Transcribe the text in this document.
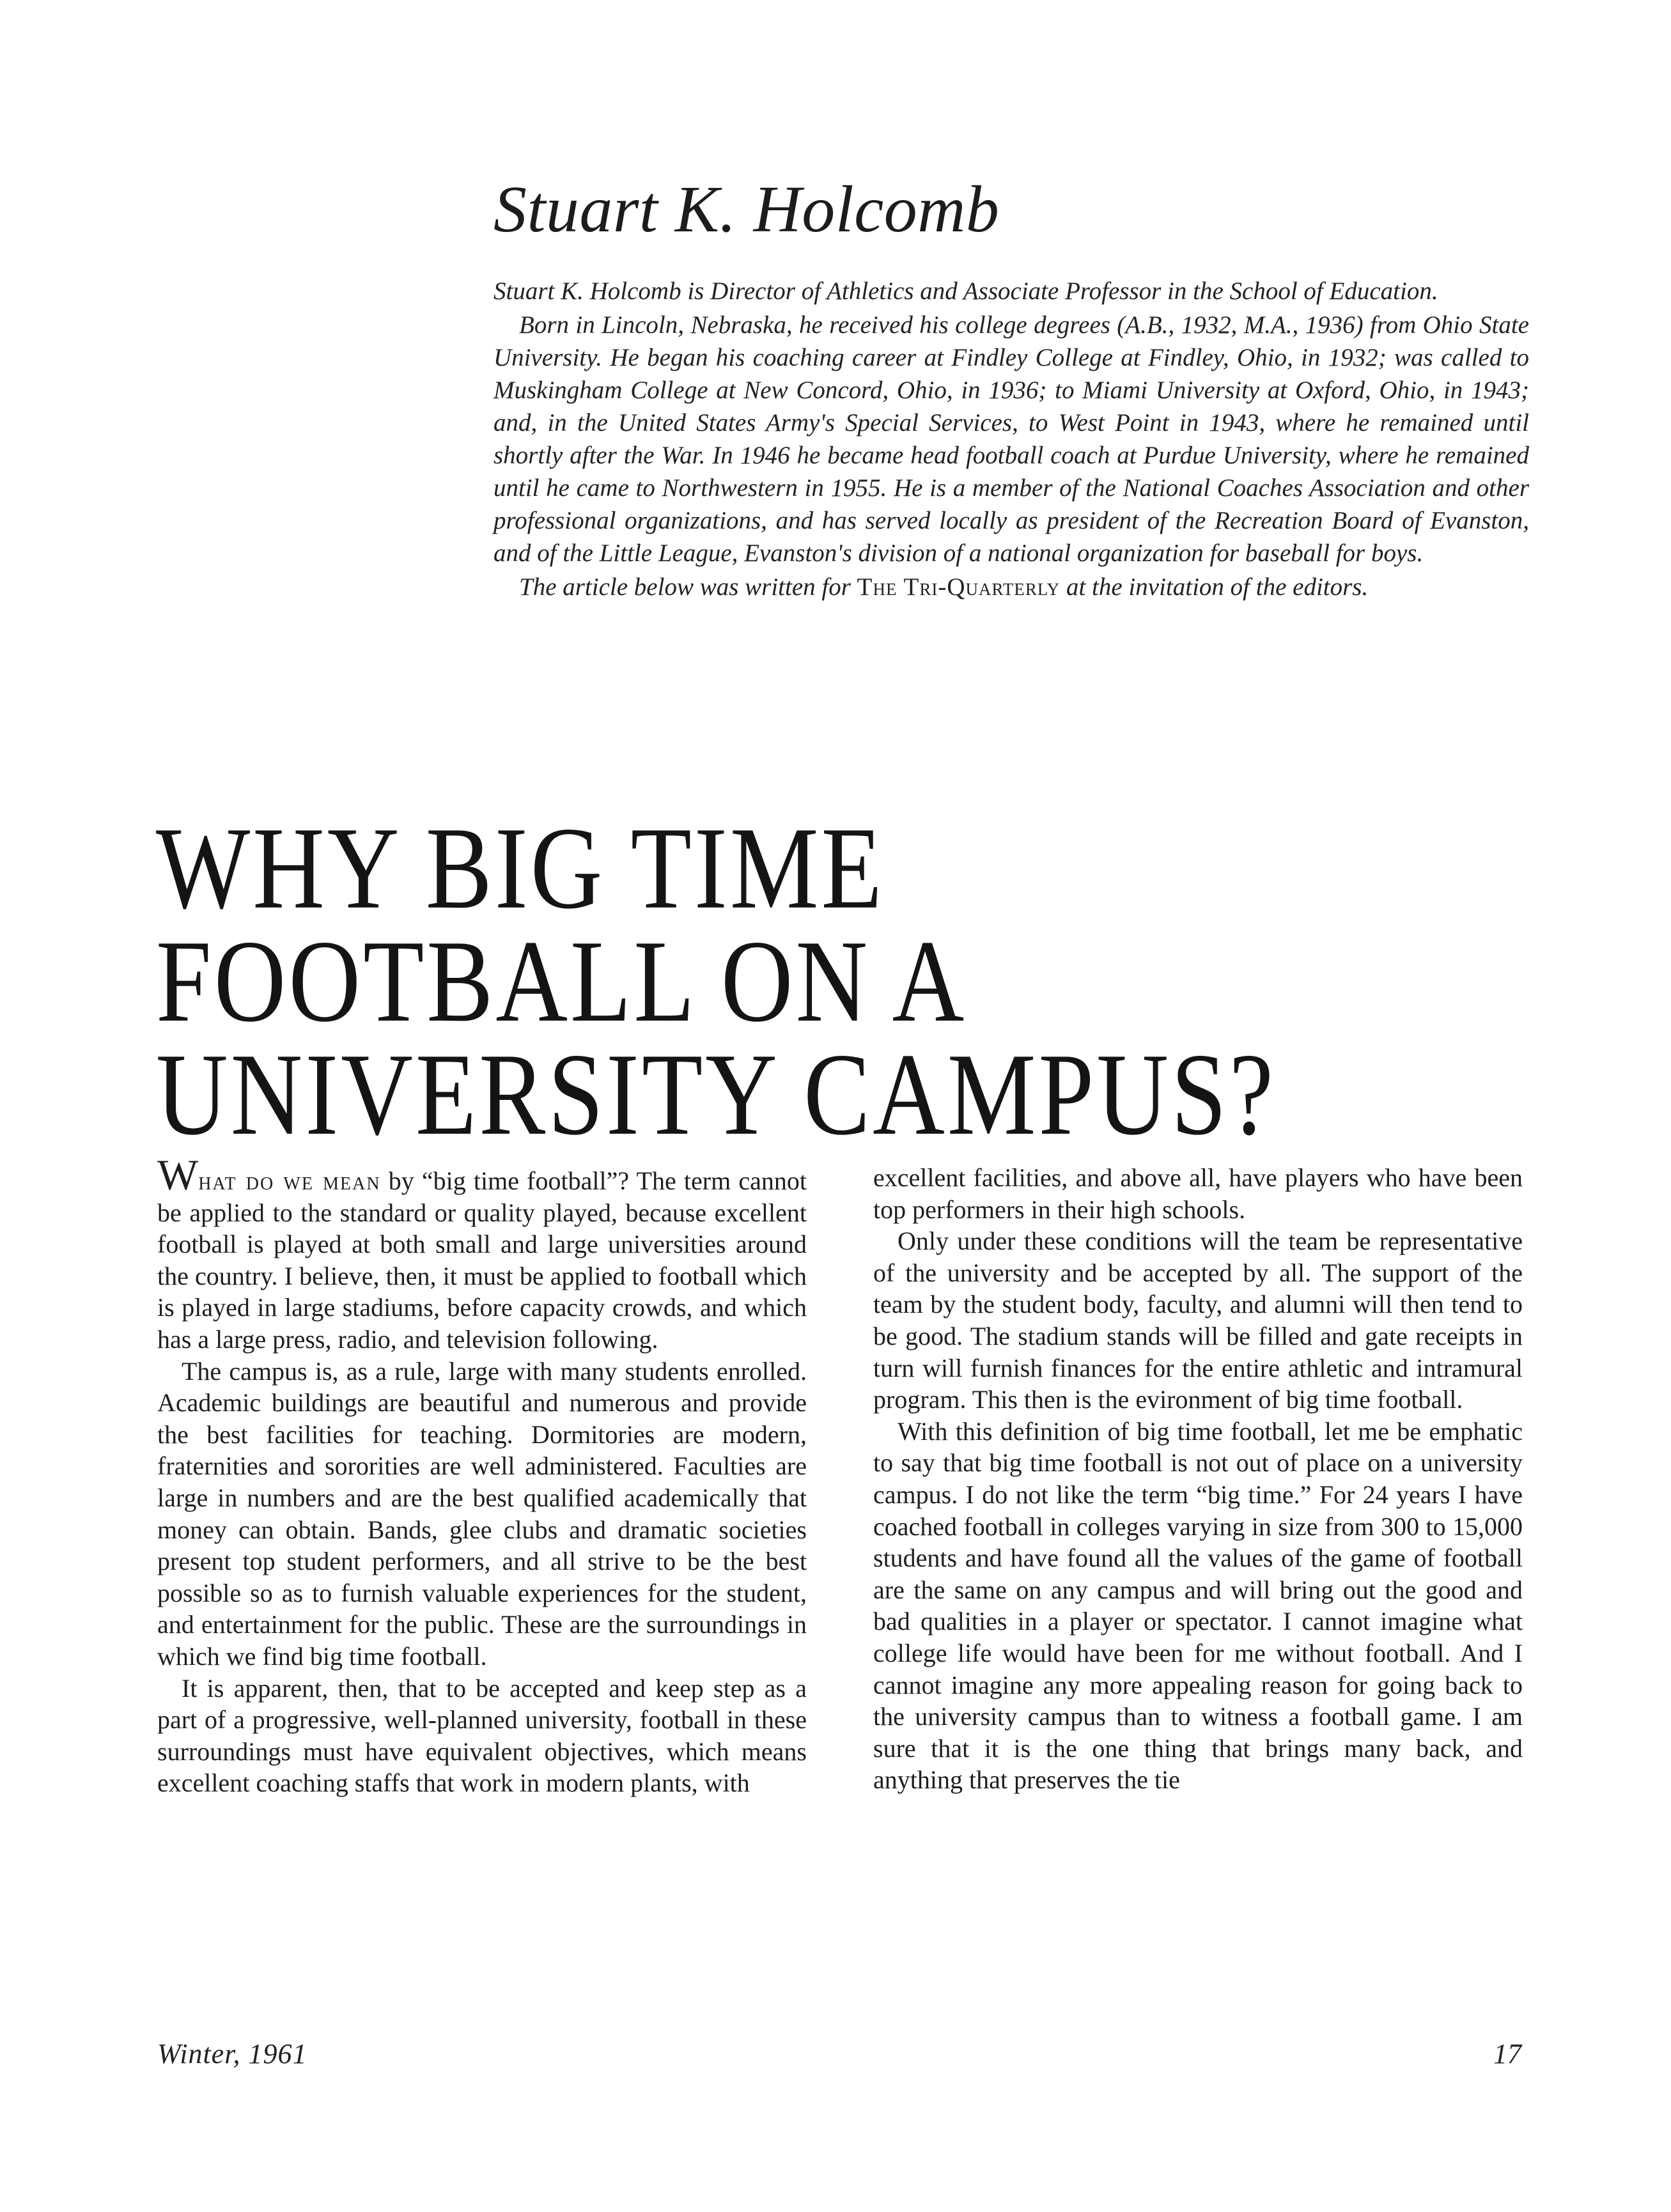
Stuart K. Holcomb

Stuart K. Holcomb is Director of Athletics and Associate Professor in the School of Education.

Born in Lincoln, Nebraska, he received his college degrees (A.B., 1932, M.A., 1936) from Ohio State University. He began his coaching career at Findley College at Findley, Ohio, in 1932; was called to Muskingham College at New Concord, Ohio, in 1936; to Miami University at Oxford, Ohio, in 1943; and, in the United States Army's Special Services, to West Point in 1943, where he remained until shortly after the War. In 1946 he became head football coach at Purdue University, where he remained until he came to Northwestern in 1955. He is a member of the National Coaches Association and other professional organizations, and has served locally as president of the Recreation Board of Evanston, and of the Little League, Evanston's division of a national organization for baseball for boys.

The article below was written for The Tri-Quarterly at the invitation of the editors.

WHY BIG TIME
FOOTBALL ON A
UNIVERSITY CAMPUS?

What do we mean by “big time football”? The term cannot be applied to the standard or quality played, because excellent football is played at both small and large universities around the country. I believe, then, it must be applied to football which is played in large stadiums, before capacity crowds, and which has a large press, radio, and television following.

The campus is, as a rule, large with many students enrolled. Academic buildings are beautiful and numerous and provide the best facilities for teaching. Dormitories are modern, fraternities and sororities are well administered. Faculties are large in numbers and are the best qualified academically that money can obtain. Bands, glee clubs and dramatic societies present top student performers, and all strive to be the best possible so as to furnish valuable experiences for the student, and entertainment for the public. These are the surroundings in which we find big time football.

It is apparent, then, that to be accepted and keep step as a part of a progressive, well-planned university, football in these surroundings must have equivalent objectives, which means excellent coaching staffs that work in modern plants, with

excellent facilities, and above all, have players who have been top performers in their high schools.

Only under these conditions will the team be representative of the university and be accepted by all. The support of the team by the student body, faculty, and alumni will then tend to be good. The stadium stands will be filled and gate receipts in turn will furnish finances for the entire athletic and intramural program. This then is the evironment of big time football.

With this definition of big time football, let me be emphatic to say that big time football is not out of place on a university campus. I do not like the term “big time.” For 24 years I have coached football in colleges varying in size from 300 to 15,000 students and have found all the values of the game of football are the same on any campus and will bring out the good and bad qualities in a player or spectator. I cannot imagine what college life would have been for me without football. And I cannot imagine any more appealing reason for going back to the university campus than to witness a football game. I am sure that it is the one thing that brings many back, and anything that preserves the tie

Winter, 1961	17
